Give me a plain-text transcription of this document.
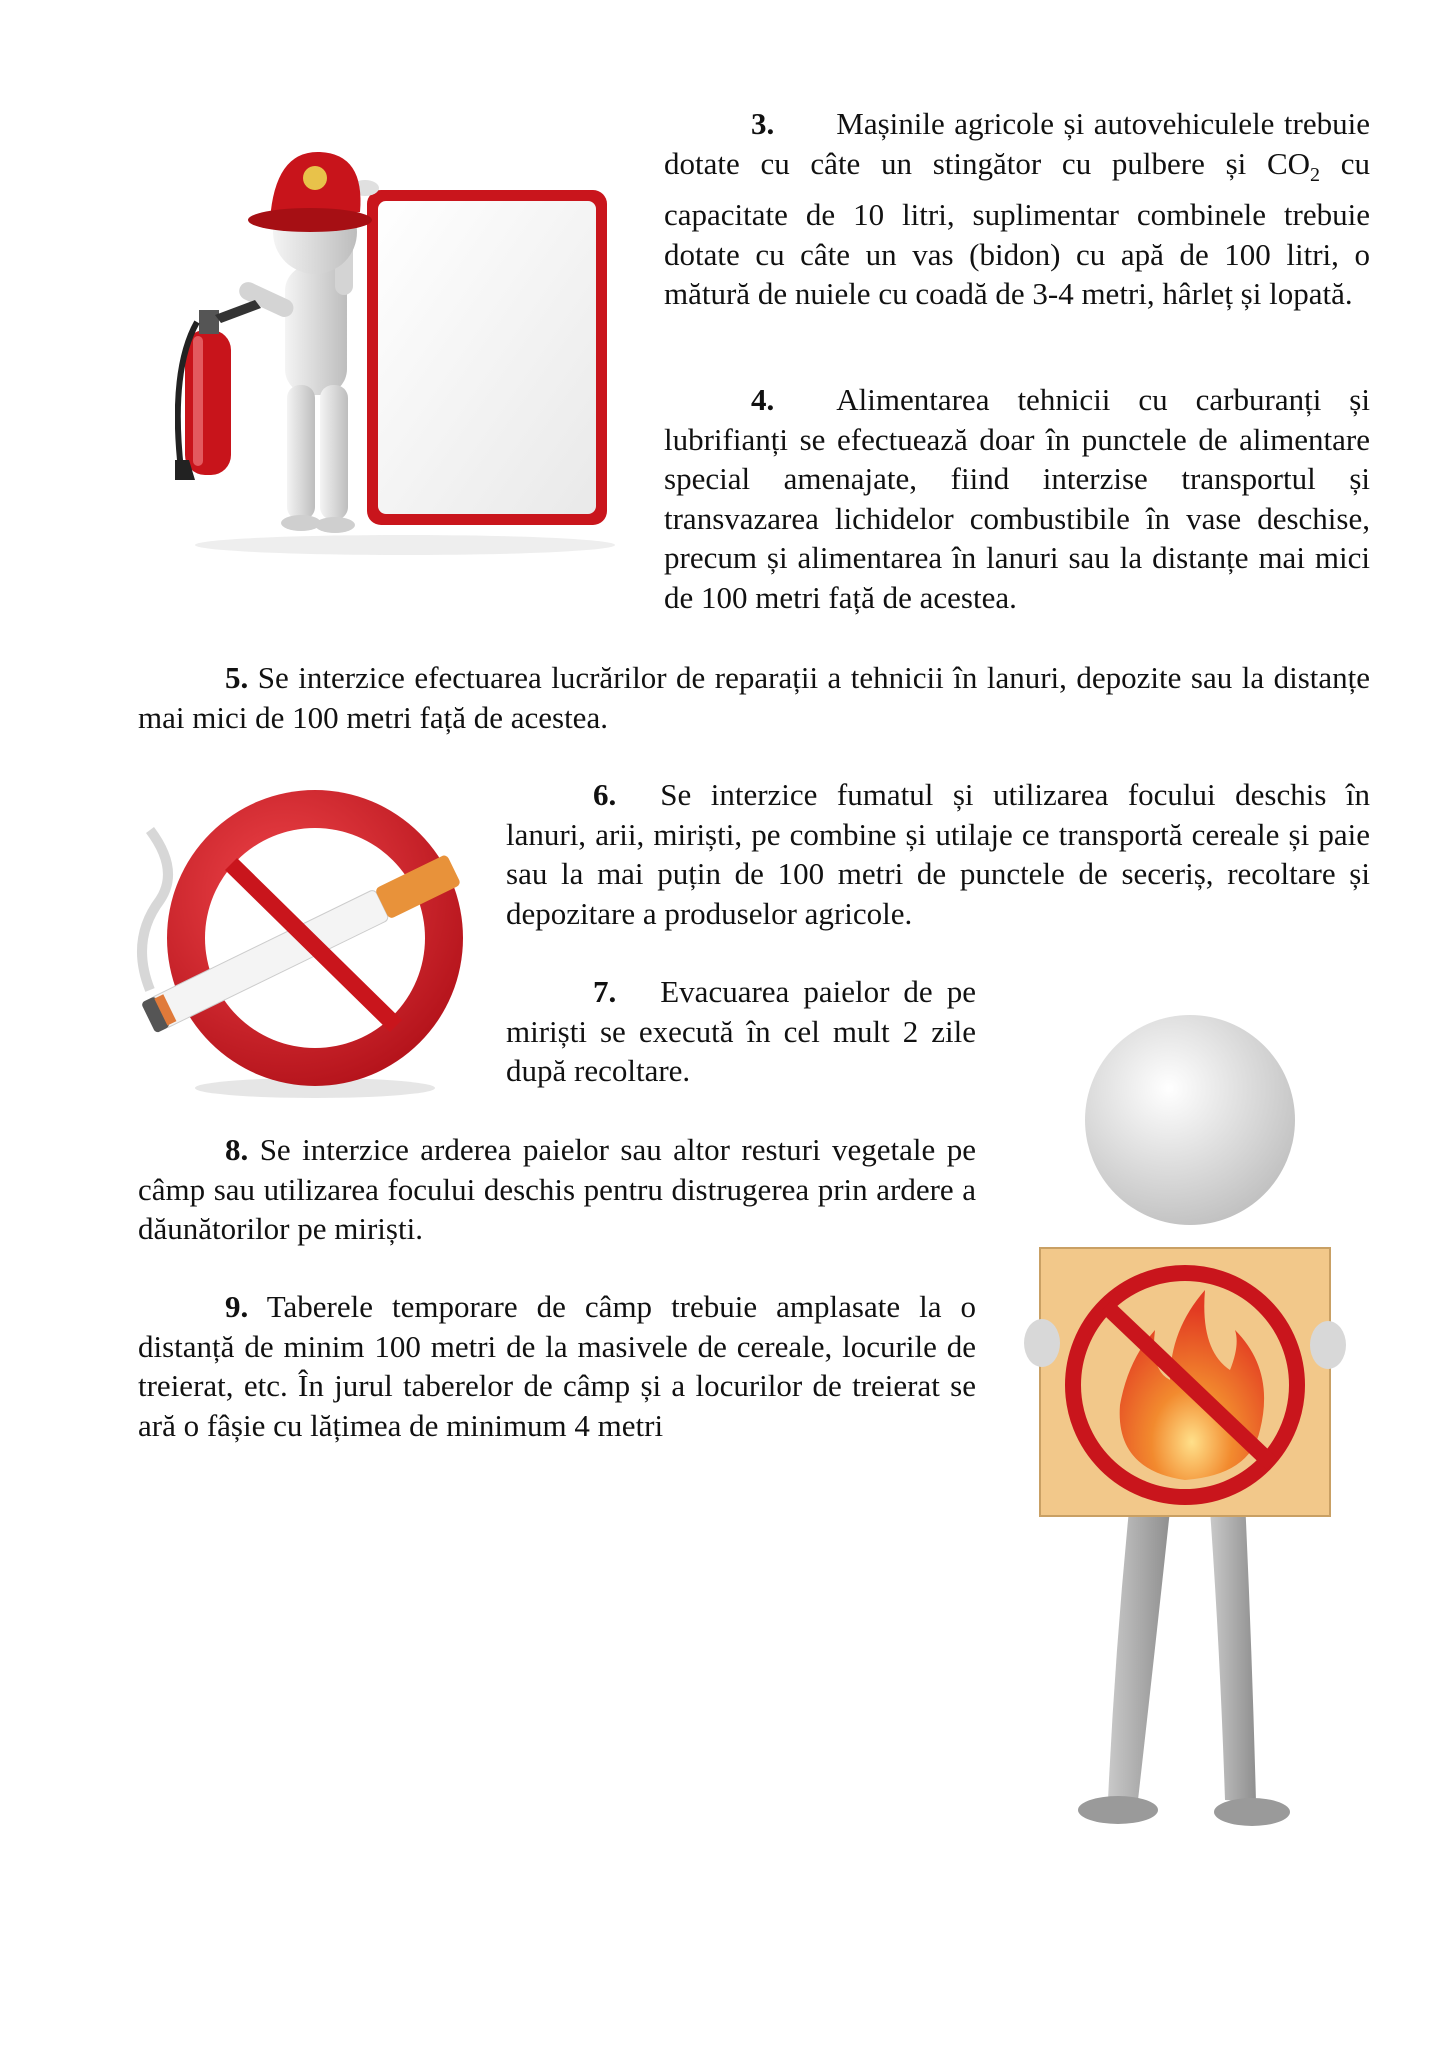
3. Mașinile agricole și autovehiculele trebuie dotate cu câte un stingător cu pulbere și $CO_2$ cu capacitate de 10 litri, suplimentar combinele trebuie dotate cu câte un vas (bidon) cu apă de 100 litri, o mătură de nuiele cu coadă de 3-4 metri, hârleț și lopată.

4. Alimentarea tehnicii cu carburanți și lubrifianți se efectuează doar în punctele de alimentare special amenajate, fiind interzise transportul și transvazarea lichidelor combustibile în vase deschise, precum și alimentarea în lanuri sau la distanțe mai mici de 100 metri față de acestea.

5. Se interzice efectuarea lucrărilor de reparații a tehnicii în lanuri, depozite sau la distanțe mai mici de 100 metri față de acestea.

6. Se interzice fumatul și utilizarea focului deschis în lanuri, arii, miriști, pe combine și utilaje ce transportă cereale și paie sau la mai puțin de 100 metri de punctele de seceriș, recoltare și depozitare a produselor agricole.

7. Evacuarea paielor de pe miriști se execută în cel mult 2 zile după recoltare.

8. Se interzice arderea paielor sau altor resturi vegetale pe câmp sau utilizarea focului deschis pentru distrugerea prin ardere a dăunătorilor pe miriști.

9. Taberele temporare de câmp trebuie amplasate la o distanță de minim 100 metri de la masivele de cereale, locurile de treierat, etc. În jurul taberelor de câmp și a locurilor de treierat se ară o fâșie cu lățimea de minimum 4 metri
